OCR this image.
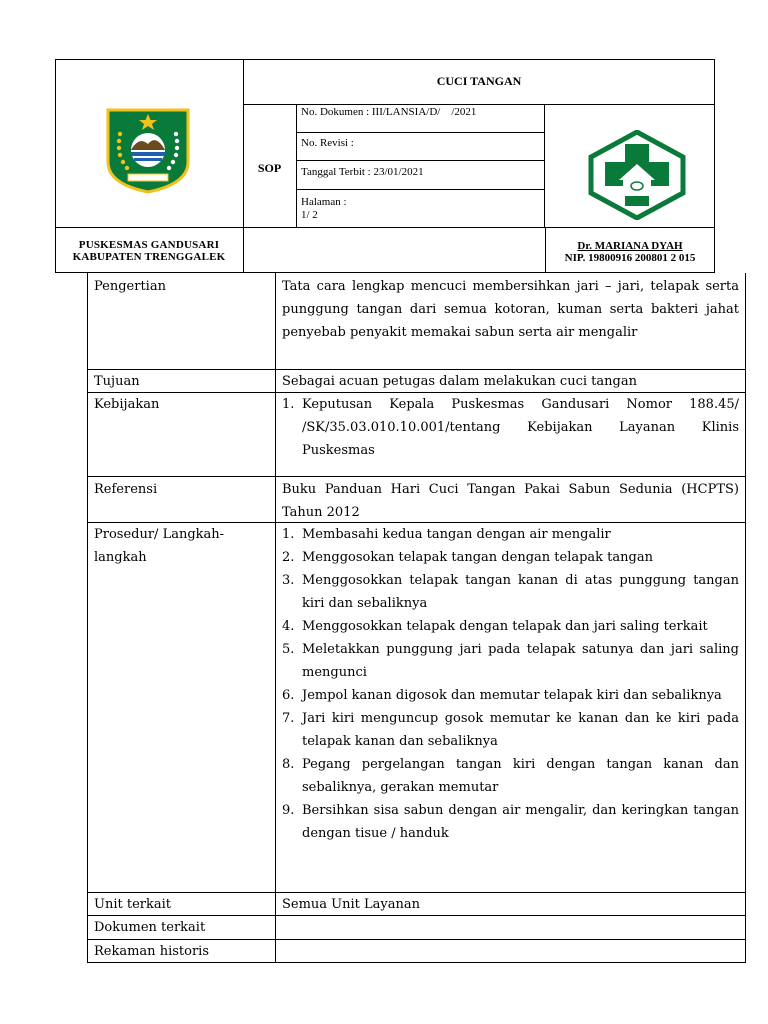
CUCI TANGAN
SOP
No. Dokumen : III/LANSIA/D/    /2021
No. Revisi :
Tanggal Terbit : 23/01/2021
Halaman :
1/ 2
PUSKESMAS GANDUSARI
KABUPATEN TRENGGALEK
Dr. MARIANA DYAH
NIP. 19800916 200801 2 015
Pengertian	Tata cara lengkap mencuci membersihkan jari – jari, telapak serta punggung tangan dari semua kotoran, kuman serta bakteri jahat penyebab penyakit memakai sabun serta air mengalir
Tujuan	Sebagai acuan petugas dalam melakukan cuci tangan
Kebijakan	1. Keputusan Kepala Puskesmas Gandusari Nomor 188.45/ /SK/35.03.010.10.001/tentang Kebijakan Layanan Klinis Puskesmas
Referensi	Buku Panduan Hari Cuci Tangan Pakai Sabun Sedunia (HCPTS) Tahun 2012
Prosedur/ Langkah-
langkah
1. Membasahi kedua tangan dengan air mengalir
2. Menggosokan telapak tangan dengan telapak tangan
3. Menggosokkan telapak tangan kanan di atas punggung tangan kiri dan sebaliknya
4. Menggosokkan telapak dengan telapak dan jari saling terkait
5. Meletakkan punggung jari pada telapak satunya dan jari saling mengunci
6. Jempol kanan digosok dan memutar telapak kiri dan sebaliknya
7. Jari kiri menguncup gosok memutar ke kanan dan ke kiri pada telapak kanan dan sebaliknya
8. Pegang pergelangan tangan kiri dengan tangan kanan dan sebaliknya, gerakan memutar
9. Bersihkan sisa sabun dengan air mengalir, dan keringkan tangan dengan tisue / handuk
Unit terkait	Semua Unit Layanan
Dokumen terkait
Rekaman historis
